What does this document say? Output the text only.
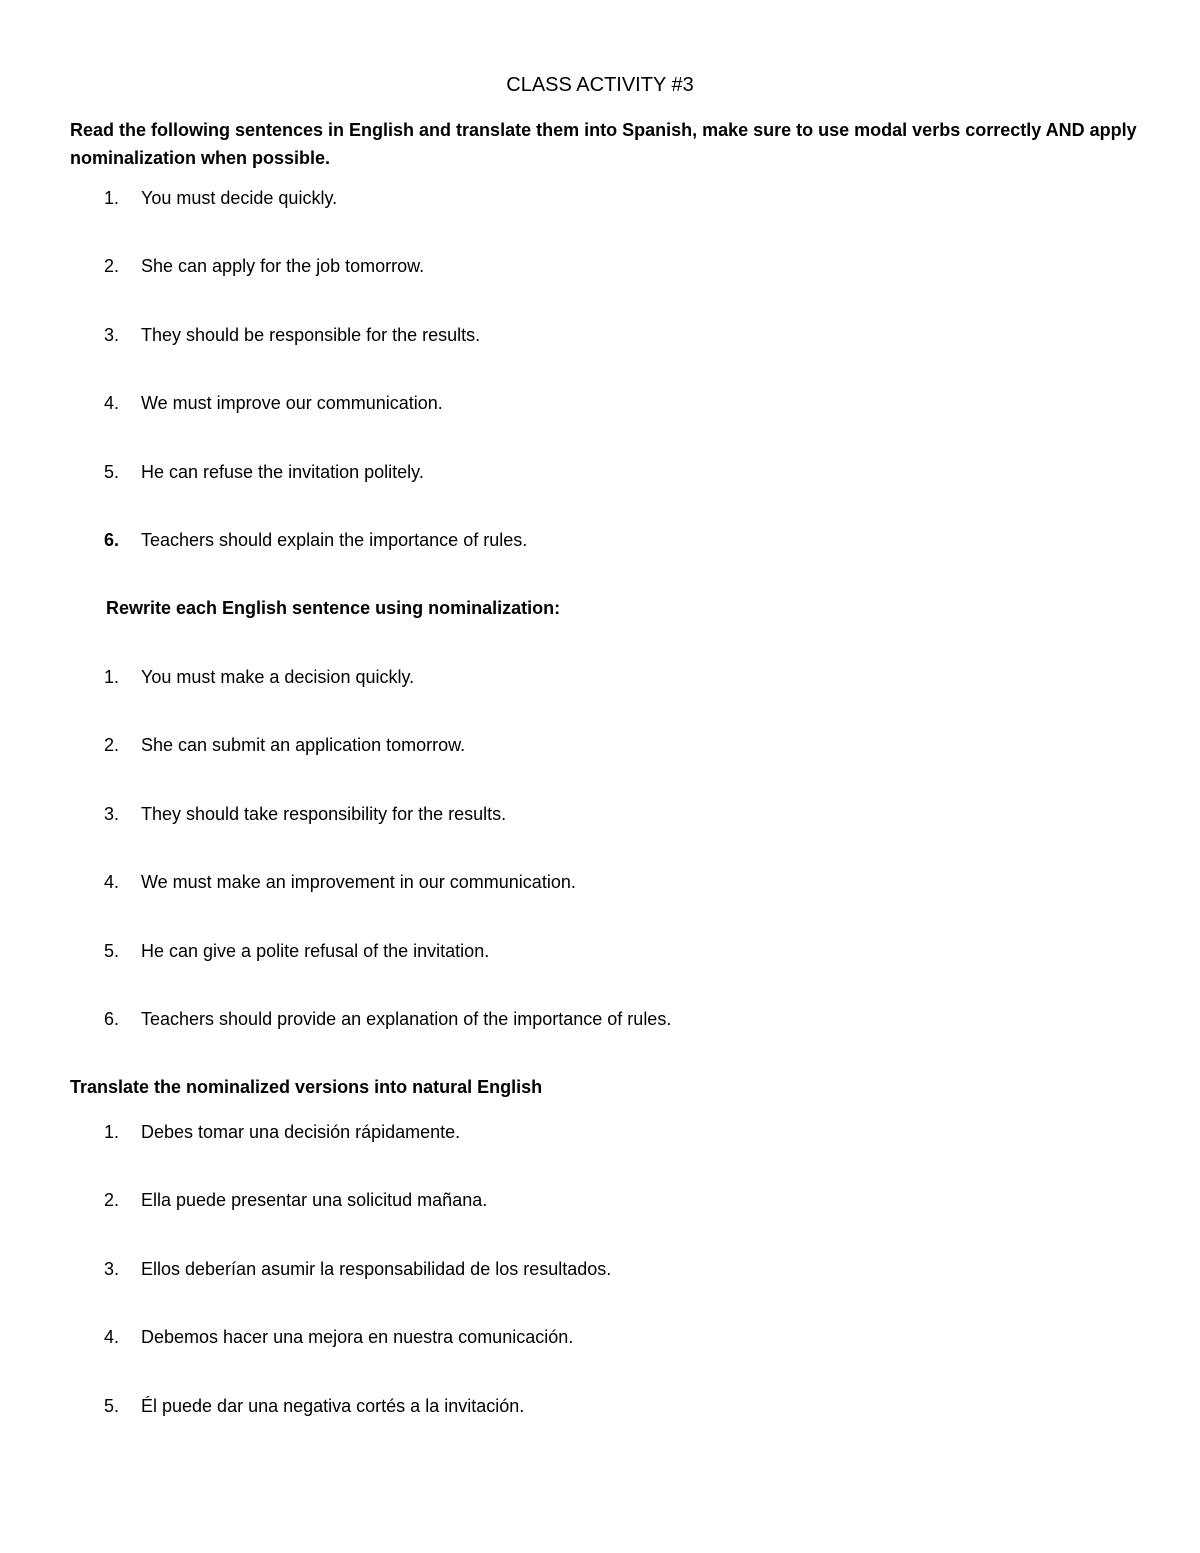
CLASS ACTIVITY #3

Read the following sentences in English and translate them into Spanish, make sure to use modal verbs correctly AND apply nominalization when possible.

1.	You must decide quickly.
2.	She can apply for the job tomorrow.
3.	They should be responsible for the results.
4.	We must improve our communication.
5.	He can refuse the invitation politely.
6.	Teachers should explain the importance of rules.

Rewrite each English sentence using nominalization:

1.	You must make a decision quickly.
2.	She can submit an application tomorrow.
3.	They should take responsibility for the results.
4.	We must make an improvement in our communication.
5.	He can give a polite refusal of the invitation.
6.	Teachers should provide an explanation of the importance of rules.

Translate the nominalized versions into natural English

1.	Debes tomar una decisión rápidamente.
2.	Ella puede presentar una solicitud mañana.
3.	Ellos deberían asumir la responsabilidad de los resultados.
4.	Debemos hacer una mejora en nuestra comunicación.
5.	Él puede dar una negativa cortés a la invitación.
